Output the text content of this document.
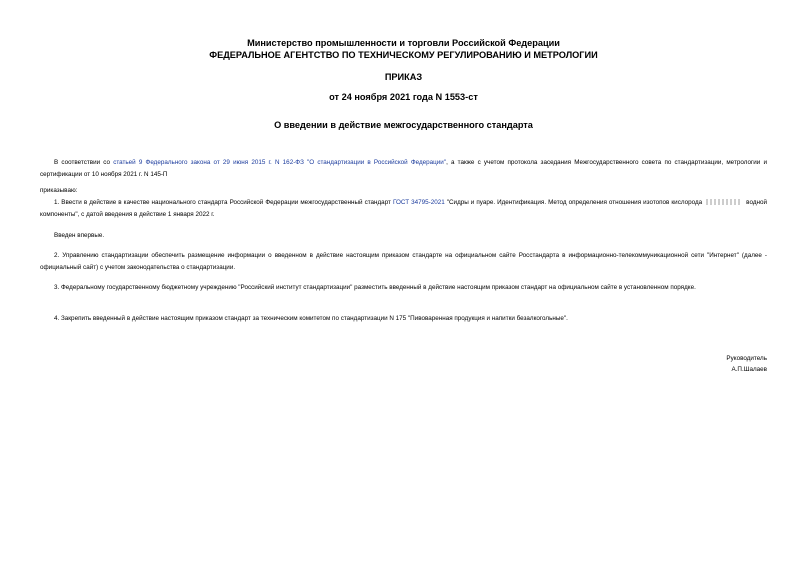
Министерство промышленности и торговли Российской Федерации
ФЕДЕРАЛЬНОЕ АГЕНТСТВО ПО ТЕХНИЧЕСКОМУ РЕГУЛИРОВАНИЮ И МЕТРОЛОГИИ
ПРИКАЗ
от 24 ноября 2021 года N 1553-ст
О введении в действие межгосударственного стандарта
В соответствии со статьей 9 Федерального закона от 29 июня 2015 г. N 162-ФЗ "О стандартизации в Российской Федерации", а также с учетом протокола заседания Межгосударственного совета по стандартизации, метрологии и сертификации от 10 ноября 2021 г. N 145-П
приказываю:
1. Ввести в действие в качестве национального стандарта Российской Федерации межгосударственный стандарт ГОСТ 34795-2021 "Сидры и пуаре. Идентификация. Метод определения отношения изотопов кислорода	водной компоненты", с датой введения в действие 1 января 2022 г.
Введен впервые.
2. Управлению стандартизации обеспечить размещение информации о введенном в действие настоящим приказом стандарте на официальном сайте Росстандарта в информационно-телекоммуникационной сети "Интернет" (далее - официальный сайт) с учетом законодательства о стандартизации.
3. Федеральному государственному бюджетному учреждению "Российский институт стандартизации" разместить введенный в действие настоящим приказом стандарт на официальном сайте в установленном порядке.
4. Закрепить введенный в действие настоящим приказом стандарт за техническим комитетом по стандартизации N 175 "Пивоваренная продукция и напитки безалкогольные".
Руководитель
А.П.Шалаев
